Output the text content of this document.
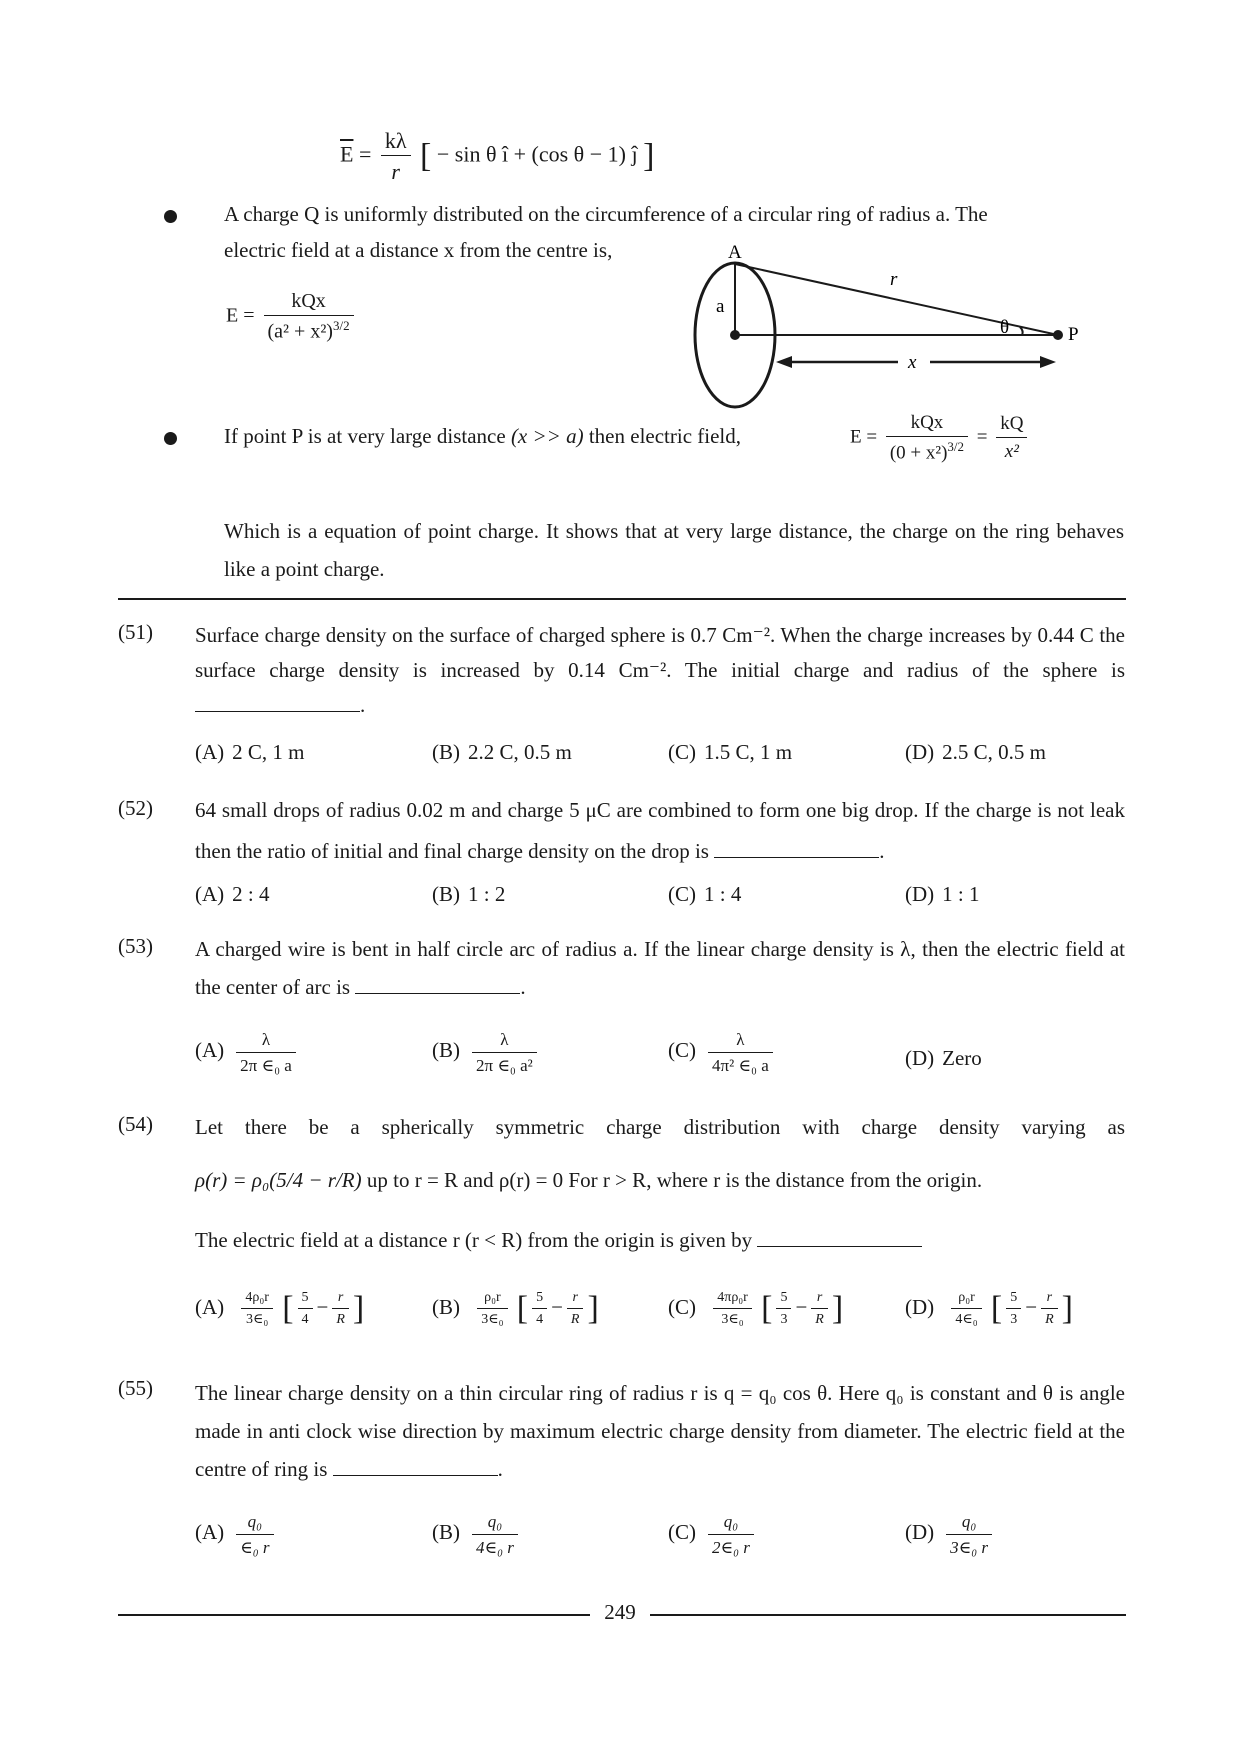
$\overline{E} = \frac{k\lambda}{r}$ [ − sin θ î + (cos θ − 1) ĵ ]
A charge Q is uniformly distributed on the circumference of a circular ring of radius a. The
electric field at a distance x from the centre is,
$E = \frac{\text{kQx}}{(a^2 + x^2)^{3/2}}$
A
r
a
θ	P
x
If point P is at very large distance (x >> a) then electric field,	$E = \frac{\text{kQx}}{(0 + x^2)^{3/2}} = \frac{kQ}{\text{x²}}$
Which is a equation of point charge. It shows that at very large distance, the charge on the ring behaves like a point charge.
(51) Surface charge density on the surface of charged sphere is 0.7 Cm⁻². When the charge increases by 0.44 C the surface charge density is increased by 0.14 Cm⁻². The initial charge and radius of the sphere is .
(A) 2 C, 1 m	(B) 2.2 C, 0.5 m	(C) 1.5 C, 1 m	(D) 2.5 C, 0.5 m
(52) 64 small drops of radius 0.02 m and charge 5 μC are combined to form one big drop. If the charge is not leak then the ratio of initial and final charge density on the drop is	.
(A) 2 : 4	(B) 1 : 2	(C) 1 : 4	(D) 1 : 1
(53) A charged wire is bent in half circle arc of radius a. If the linear charge density is λ, then the electric field at the center of arc is	.
$(A) \frac{\lambda}{\text{2π ∈₀ a}}$	$(B) \frac{\lambda}{\text{2π ∈₀ a²}}$	$(C) \frac{\lambda}{\text{4π² ∈₀ a}}$	(D) Zero
(54) Let there be a spherically symmetric charge distribution with charge density varying as
ρ(r) = ρ₀(5/4 − r/R) up to r = R and ρ(r) = 0 For r > R, where r is the distance from the origin.
The electric field at a distance r (r < R) from the origin is given by
$(A) \frac{\text{4ρ₀r}}{\text{3∈₀}}$ [ $\frac{5}{4} - \frac{r}{R}$ ]	$(B) \frac{\text{ρ₀r}}{\text{3∈₀}}$ [ $\frac{5}{4} - \frac{r}{R}$ ]	$(C) \frac{\text{4πρ₀r}}{\text{3∈₀}}$ [ $\frac{5}{3} - \frac{r}{R}$ ]	$(D) \frac{\text{ρ₀r}}{\text{4∈₀}}$ [ $\frac{5}{3} - \frac{r}{R}$ ]
(55) The linear charge density on a thin circular ring of radius r is q = q₀ cos θ. Here q₀ is constant and θ is angle made in anti clock wise direction by maximum electric charge density from diameter. The electric field at the centre of ring is	.
$(A) \frac{\text{q₀}}{\text{∈₀ r}}$	$(B) \frac{\text{q₀}}{\text{4∈₀ r}}$	$(C) \frac{\text{q₀}}{\text{2∈₀ r}}$	$(D) \frac{\text{q₀}}{\text{3∈₀ r}}$
249
